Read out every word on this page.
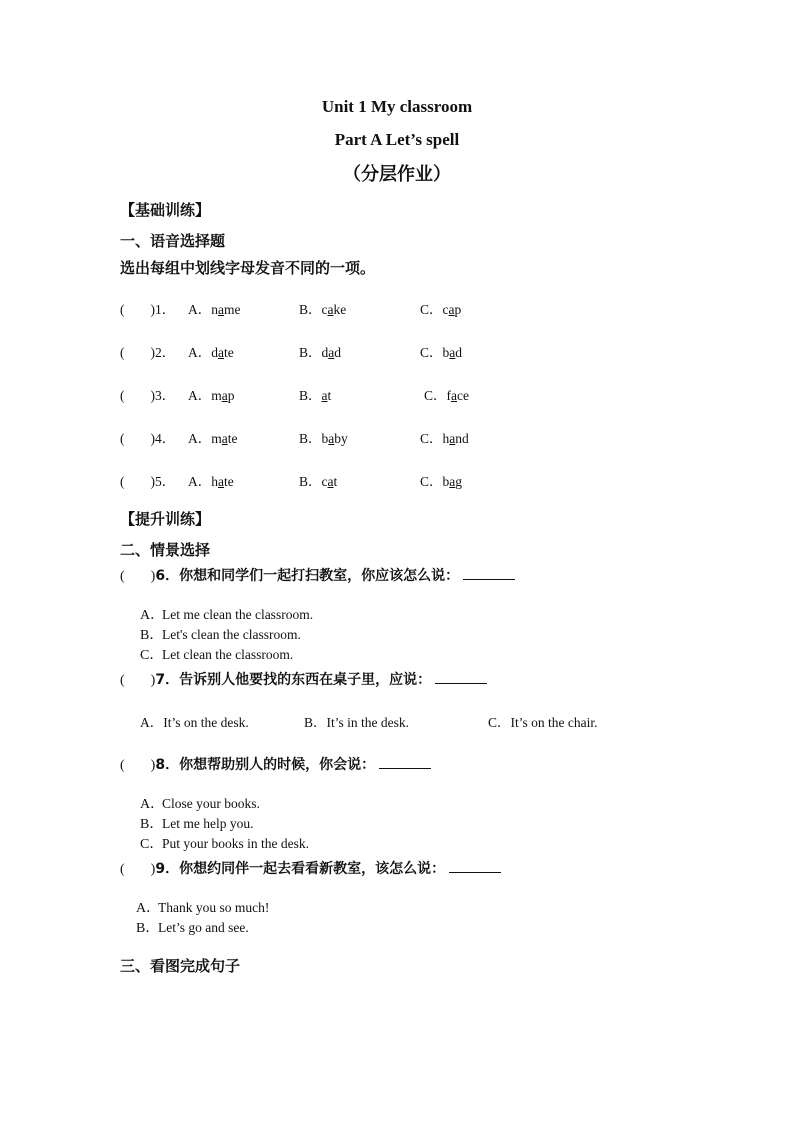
Unit 1 My classroom
Part A Let’s spell
（分层作业）
【基础训练】
一、语音选择题
选出每组中划线字母发音不同的一项。
( )1． A．name	B．cake	C．cap
( )2． A．date	B．dad	C．bad
( )3． A．map	B．at	C．face
( )4． A．mate	B．baby	C．hand
( )5． A．hate	B．cat	C．bag
【提升训练】
二、情景选择
( )6．你想和同学们一起打扫教室，你应该怎么说：
A．Let me clean the classroom.
B．Let's clean the classroom.
C．Let clean the classroom.
( )7．告诉别人他要找的东西在桌子里，应说：
A．It’s on the desk.	B．It’s in the desk.	C．It’s on the chair.
( )8．你想帮助别人的时候，你会说：
A．Close your books.
B．Let me help you.
C．Put your books in the desk.
( )9．你想约同伴一起去看看新教室，该怎么说：
A．Thank you so much!
B．Let’s go and see.
三、看图完成句子
